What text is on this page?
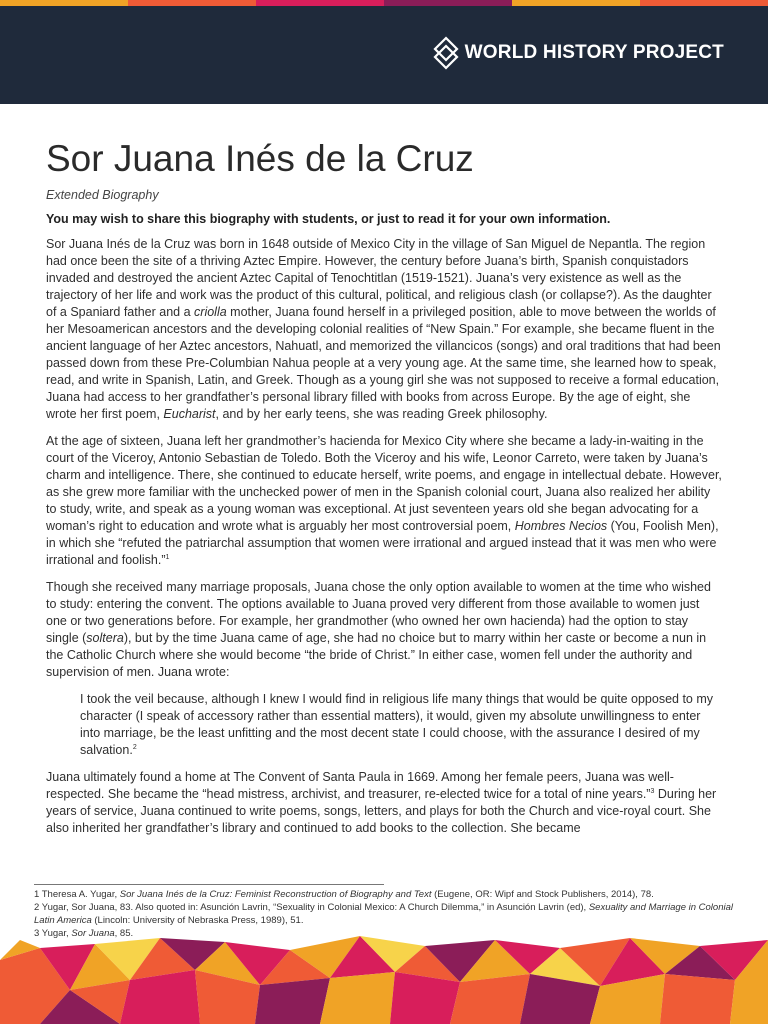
WORLD HISTORY PROJECT
Sor Juana Inés de la Cruz
Extended Biography
You may wish to share this biography with students, or just to read it for your own information.

Sor Juana Inés de la Cruz was born in 1648 outside of Mexico City in the village of San Miguel de Nepantla. The region had once been the site of a thriving Aztec Empire. However, the century before Juana’s birth, Spanish conquistadors invaded and destroyed the ancient Aztec Capital of Tenochtitlan (1519-1521). Juana’s very existence as well as the trajectory of her life and work was the product of this cultural, political, and religious clash (or collapse?). As the daughter of a Spaniard father and a criolla mother, Juana found herself in a privileged position, able to move between the worlds of her Mesoamerican ancestors and the developing colonial realities of “New Spain.” For example, she became fluent in the ancient language of her Aztec ancestors, Nahuatl, and memorized the villancicos (songs) and oral traditions that had been passed down from these Pre-Columbian Nahua people at a very young age. At the same time, she learned how to speak, read, and write in Spanish, Latin, and Greek. Though as a young girl she was not supposed to receive a formal education, Juana had access to her grandfather’s personal library filled with books from across Europe. By the age of eight, she wrote her first poem, Eucharist, and by her early teens, she was reading Greek philosophy.

At the age of sixteen, Juana left her grandmother’s hacienda for Mexico City where she became a lady-in-waiting in the court of the Viceroy, Antonio Sebastian de Toledo. Both the Viceroy and his wife, Leonor Carreto, were taken by Juana’s charm and intelligence. There, she continued to educate herself, write poems, and engage in intellectual debate. However, as she grew more familiar with the unchecked power of men in the Spanish colonial court, Juana also realized her ability to study, write, and speak as a young woman was exceptional. At just seventeen years old she began advocating for a woman’s right to education and wrote what is arguably her most controversial poem, Hombres Necios (You, Foolish Men), in which she “refuted the patriarchal assumption that women were irrational and argued instead that it was men who were irrational and foolish.”$^1$

Though she received many marriage proposals, Juana chose the only option available to women at the time who wished to study: entering the convent. The options available to Juana proved very different from those available to women just one or two generations before. For example, her grandmother (who owned her own hacienda) had the option to stay single (soltera), but by the time Juana came of age, she had no choice but to marry within her caste or become a nun in the Catholic Church where she would become “the bride of Christ.” In either case, women fell under the authority and supervision of men. Juana wrote:

I took the veil because, although I knew I would find in religious life many things that would be quite opposed to my character (I speak of accessory rather than essential matters), it would, given my absolute unwillingness to enter into marriage, be the least unfitting and the most decent state I could choose, with the assurance I desired of my salvation.$^2$

Juana ultimately found a home at The Convent of Santa Paula in 1669. Among her female peers, Juana was well-respected. She became the “head mistress, archivist, and treasurer, re-elected twice for a total of nine years.”$^3$ During her years of service, Juana continued to write poems, songs, letters, and plays for both the Church and vice-royal court. She also inherited her grandfather’s library and continued to add books to the collection. She became

1 Theresa A. Yugar, Sor Juana Inés de la Cruz: Feminist Reconstruction of Biography and Text (Eugene, OR: Wipf and Stock Publishers, 2014), 78.
2 Yugar, Sor Juana, 83. Also quoted in: Asunción Lavrin, “Sexuality in Colonial Mexico: A Church Dilemma,” in Asunción Lavrin (ed), Sexuality and Marriage in Colonial Latin America (Lincoln: University of Nebraska Press, 1989), 51.
3 Yugar, Sor Juana, 85.
